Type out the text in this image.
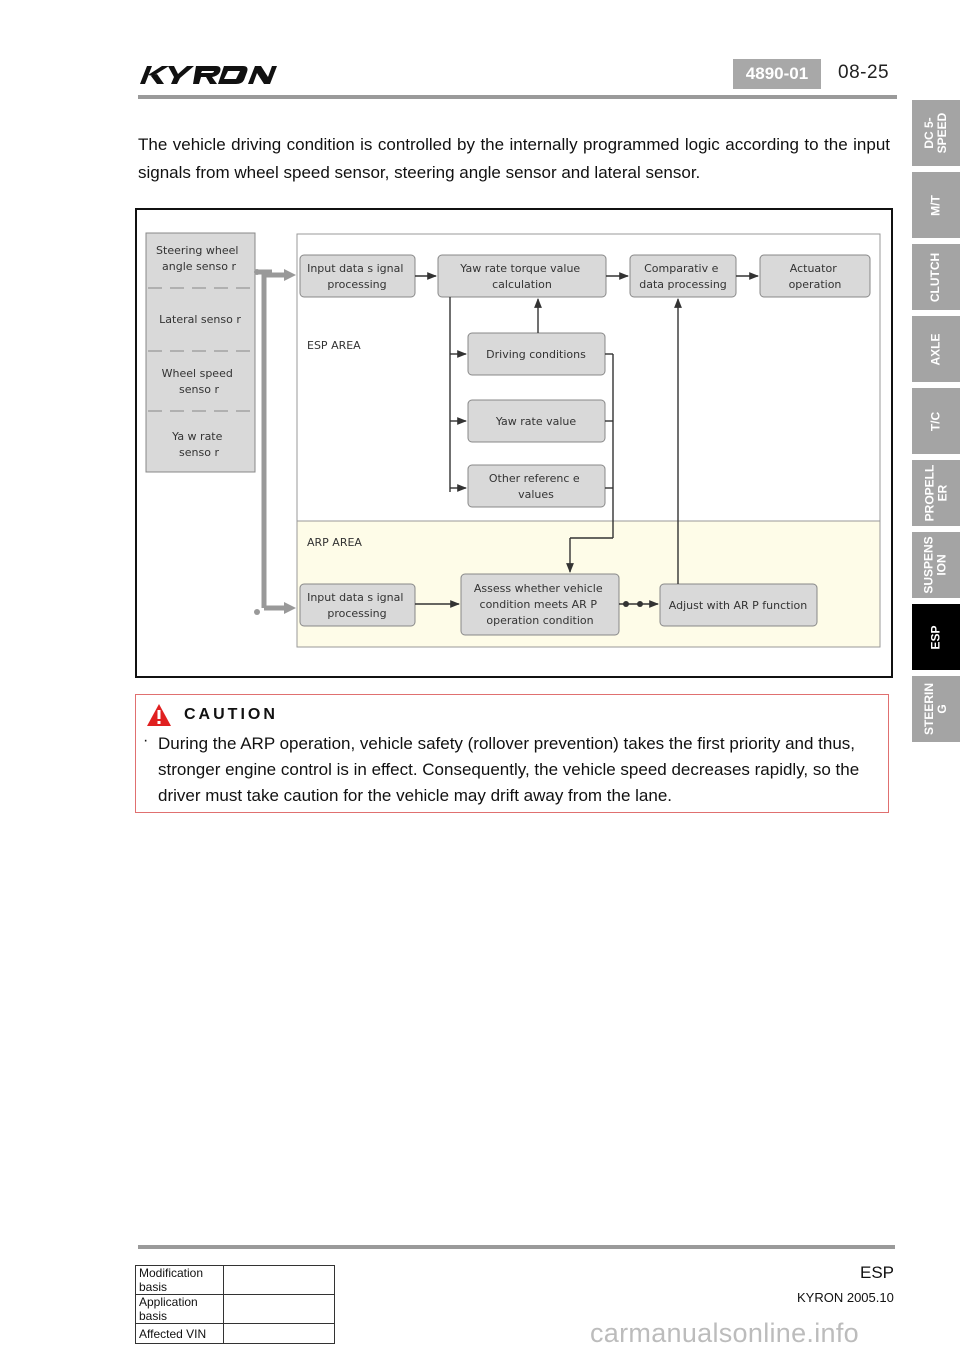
4890-01	08-25
DC 5-
SPEED
M/T
CLUTCH
AXLE
T/C
PROPELL
ER
SUSPENS
ION
ESP
STEERIN
G

The vehicle driving condition is controlled by the internally programmed logic according to the input signals from wheel speed sensor, steering angle sensor and lateral sensor.

ESP AREA
ARP AREA
Steering wheel angle senso r
Lateral senso r
Wheel speed senso r
Ya w rate senso r
Input data s ignal processing
Yaw rate torque value calculation
Comparativ e data processing
Actuator operation
Driving conditions
Yaw rate value
Other referenc e values
Input data s ignal processing
Assess whether vehicle condition meets AR P operation condition
Adjust with AR P function
CAUTION
· During the ARP operation, vehicle safety (rollover prevention) takes the first priority and thus, stronger engine control is in effect. Consequently, the vehicle speed decreases rapidly, so the driver must take caution for the vehicle may drift away from the lane.

ESP
KYRON 2005.10
Modification basis	
Application basis	
Affected VIN		carmanualsonline.info
